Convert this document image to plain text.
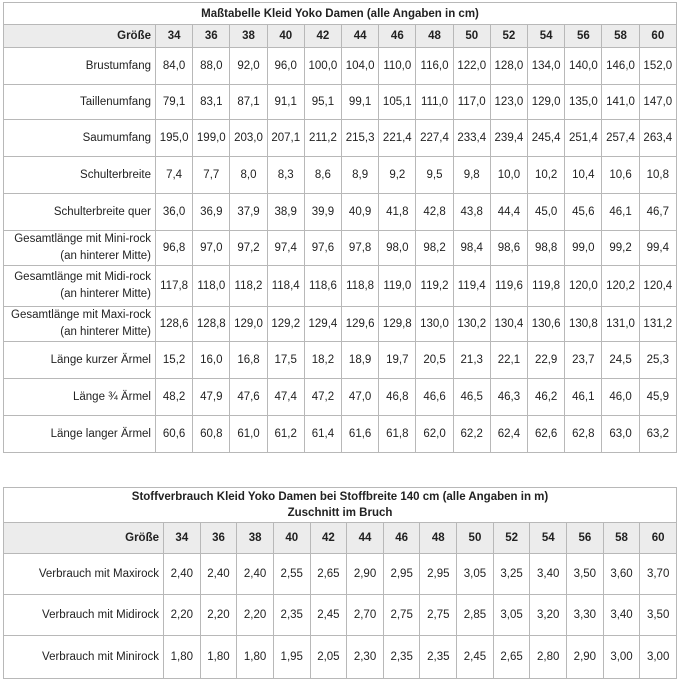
Maßtabelle Kleid Yoko Damen (alle Angaben in cm)														
Größe	34	36	38	40	42	44	46	48	50	52	54	56	58	60
Brustumfang	84,0	88,0	92,0	96,0	100,0	104,0	110,0	116,0	122,0	128,0	134,0	140,0	146,0	152,0
Taillenumfang	79,1	83,1	87,1	91,1	95,1	99,1	105,1	111,0	117,0	123,0	129,0	135,0	141,0	147,0
Saumumfang	195,0	199,0	203,0	207,1	211,2	215,3	221,4	227,4	233,4	239,4	245,4	251,4	257,4	263,4
Schulterbreite	7,4	7,7	8,0	8,3	8,6	8,9	9,2	9,5	9,8	10,0	10,2	10,4	10,6	10,8
Schulterbreite quer	36,0	36,9	37,9	38,9	39,9	40,9	41,8	42,8	43,8	44,4	45,0	45,6	46,1	46,7
Gesamtlänge mit Mini-rock (an hinterer Mitte)	96,8	97,0	97,2	97,4	97,6	97,8	98,0	98,2	98,4	98,6	98,8	99,0	99,2	99,4
Gesamtlänge mit Midi-rock (an hinterer Mitte)	117,8	118,0	118,2	118,4	118,6	118,8	119,0	119,2	119,4	119,6	119,8	120,0	120,2	120,4
Gesamtlänge mit Maxi-rock (an hinterer Mitte)	128,6	128,8	129,0	129,2	129,4	129,6	129,8	130,0	130,2	130,4	130,6	130,8	131,0	131,2
Länge kurzer Ärmel	15,2	16,0	16,8	17,5	18,2	18,9	19,7	20,5	21,3	22,1	22,9	23,7	24,5	25,3
Länge ¾ Ärmel	48,2	47,9	47,6	47,4	47,2	47,0	46,8	46,6	46,5	46,3	46,2	46,1	46,0	45,9
Länge langer Ärmel	60,6	60,8	61,0	61,2	61,4	61,6	61,8	62,0	62,2	62,4	62,6	62,8	63,0	63,2
Stoffverbrauch Kleid Yoko Damen bei Stoffbreite 140 cm (alle Angaben in m)
Zuschnitt im Bruch														

Größe	34	36	38	40	42	44	46	48	50	52	54	56	58	60
Verbrauch mit Maxirock	2,40	2,40	2,40	2,55	2,65	2,90	2,95	2,95	3,05	3,25	3,40	3,50	3,60	3,70
Verbrauch mit Midirock	2,20	2,20	2,20	2,35	2,45	2,70	2,75	2,75	2,85	3,05	3,20	3,30	3,40	3,50
Verbrauch mit Minirock	1,80	1,80	1,80	1,95	2,05	2,30	2,35	2,35	2,45	2,65	2,80	2,90	3,00	3,00
